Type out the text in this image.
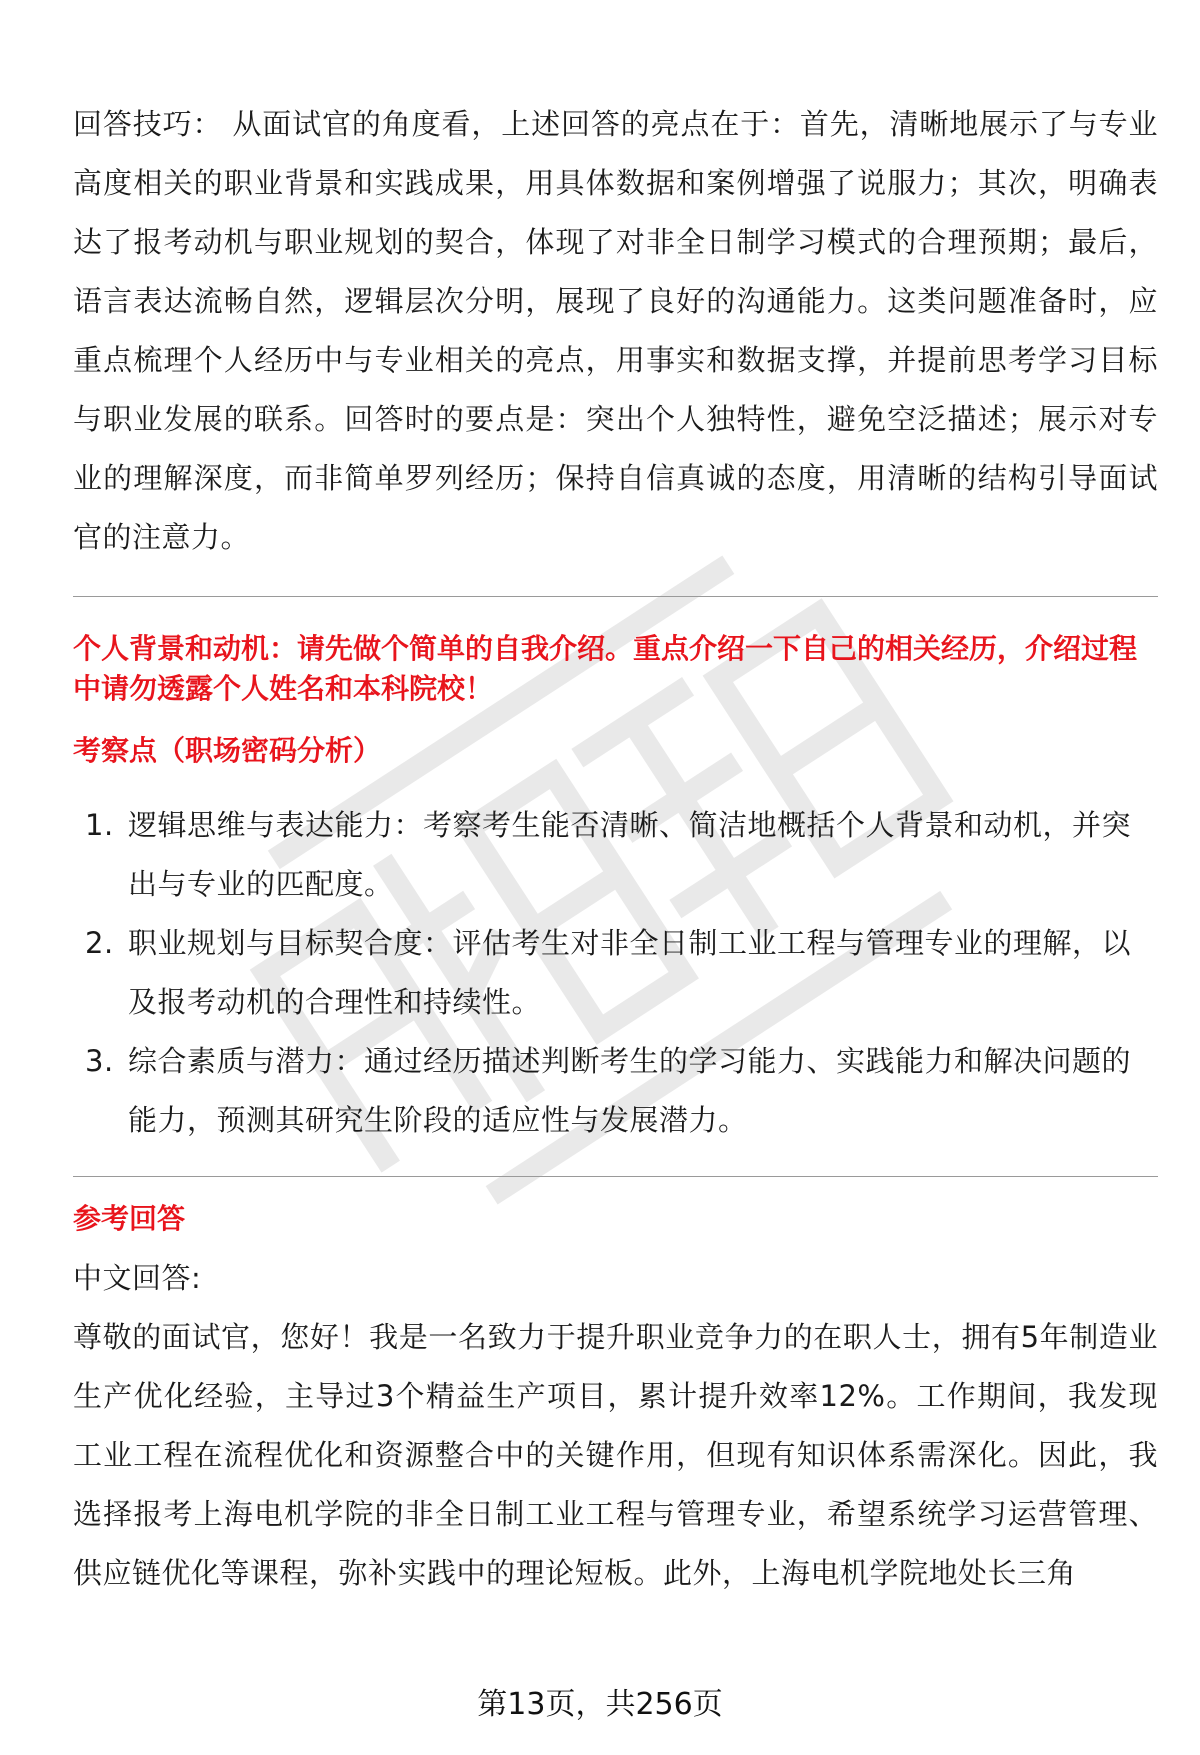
回答技巧： 从面试官的角度看，上述回答的亮点在于：首先，清晰地展示了与专业高度相关的职业背景和实践成果，用具体数据和案例增强了说服力；其次，明确表达了报考动机与职业规划的契合，体现了对非全日制学习模式的合理预期；最后，语言表达流畅自然，逻辑层次分明，展现了良好的沟通能力。这类问题准备时，应重点梳理个人经历中与专业相关的亮点，用事实和数据支撑，并提前思考学习目标与职业发展的联系。回答时的要点是：突出个人独特性，避免空泛描述；展示对专业的理解深度，而非简单罗列经历；保持自信真诚的态度，用清晰的结构引导面试官的注意力。

个人背景和动机：请先做个简单的自我介绍。重点介绍一下自己的相关经历，介绍过程中请勿透露个人姓名和本科院校！

考察点（职场密码分析）

1. 逻辑思维与表达能力：考察考生能否清晰、简洁地概括个人背景和动机，并突出与专业的匹配度。
2. 职业规划与目标契合度：评估考生对非全日制工业工程与管理专业的理解，以及报考动机的合理性和持续性。
3. 综合素质与潜力：通过经历描述判断考生的学习能力、实践能力和解决问题的能力，预测其研究生阶段的适应性与发展潜力。

参考回答

中文回答:

尊敬的面试官，您好！我是一名致力于提升职业竞争力的在职人士，拥有5年制造业生产优化经验，主导过3个精益生产项目，累计提升效率12%。工作期间，我发现工业工程在流程优化和资源整合中的关键作用，但现有知识体系需深化。因此，我选择报考上海电机学院的非全日制工业工程与管理专业，希望系统学习运营管理、供应链优化等课程，弥补实践中的理论短板。此外，上海电机学院地处长三角

第13页，共256页
